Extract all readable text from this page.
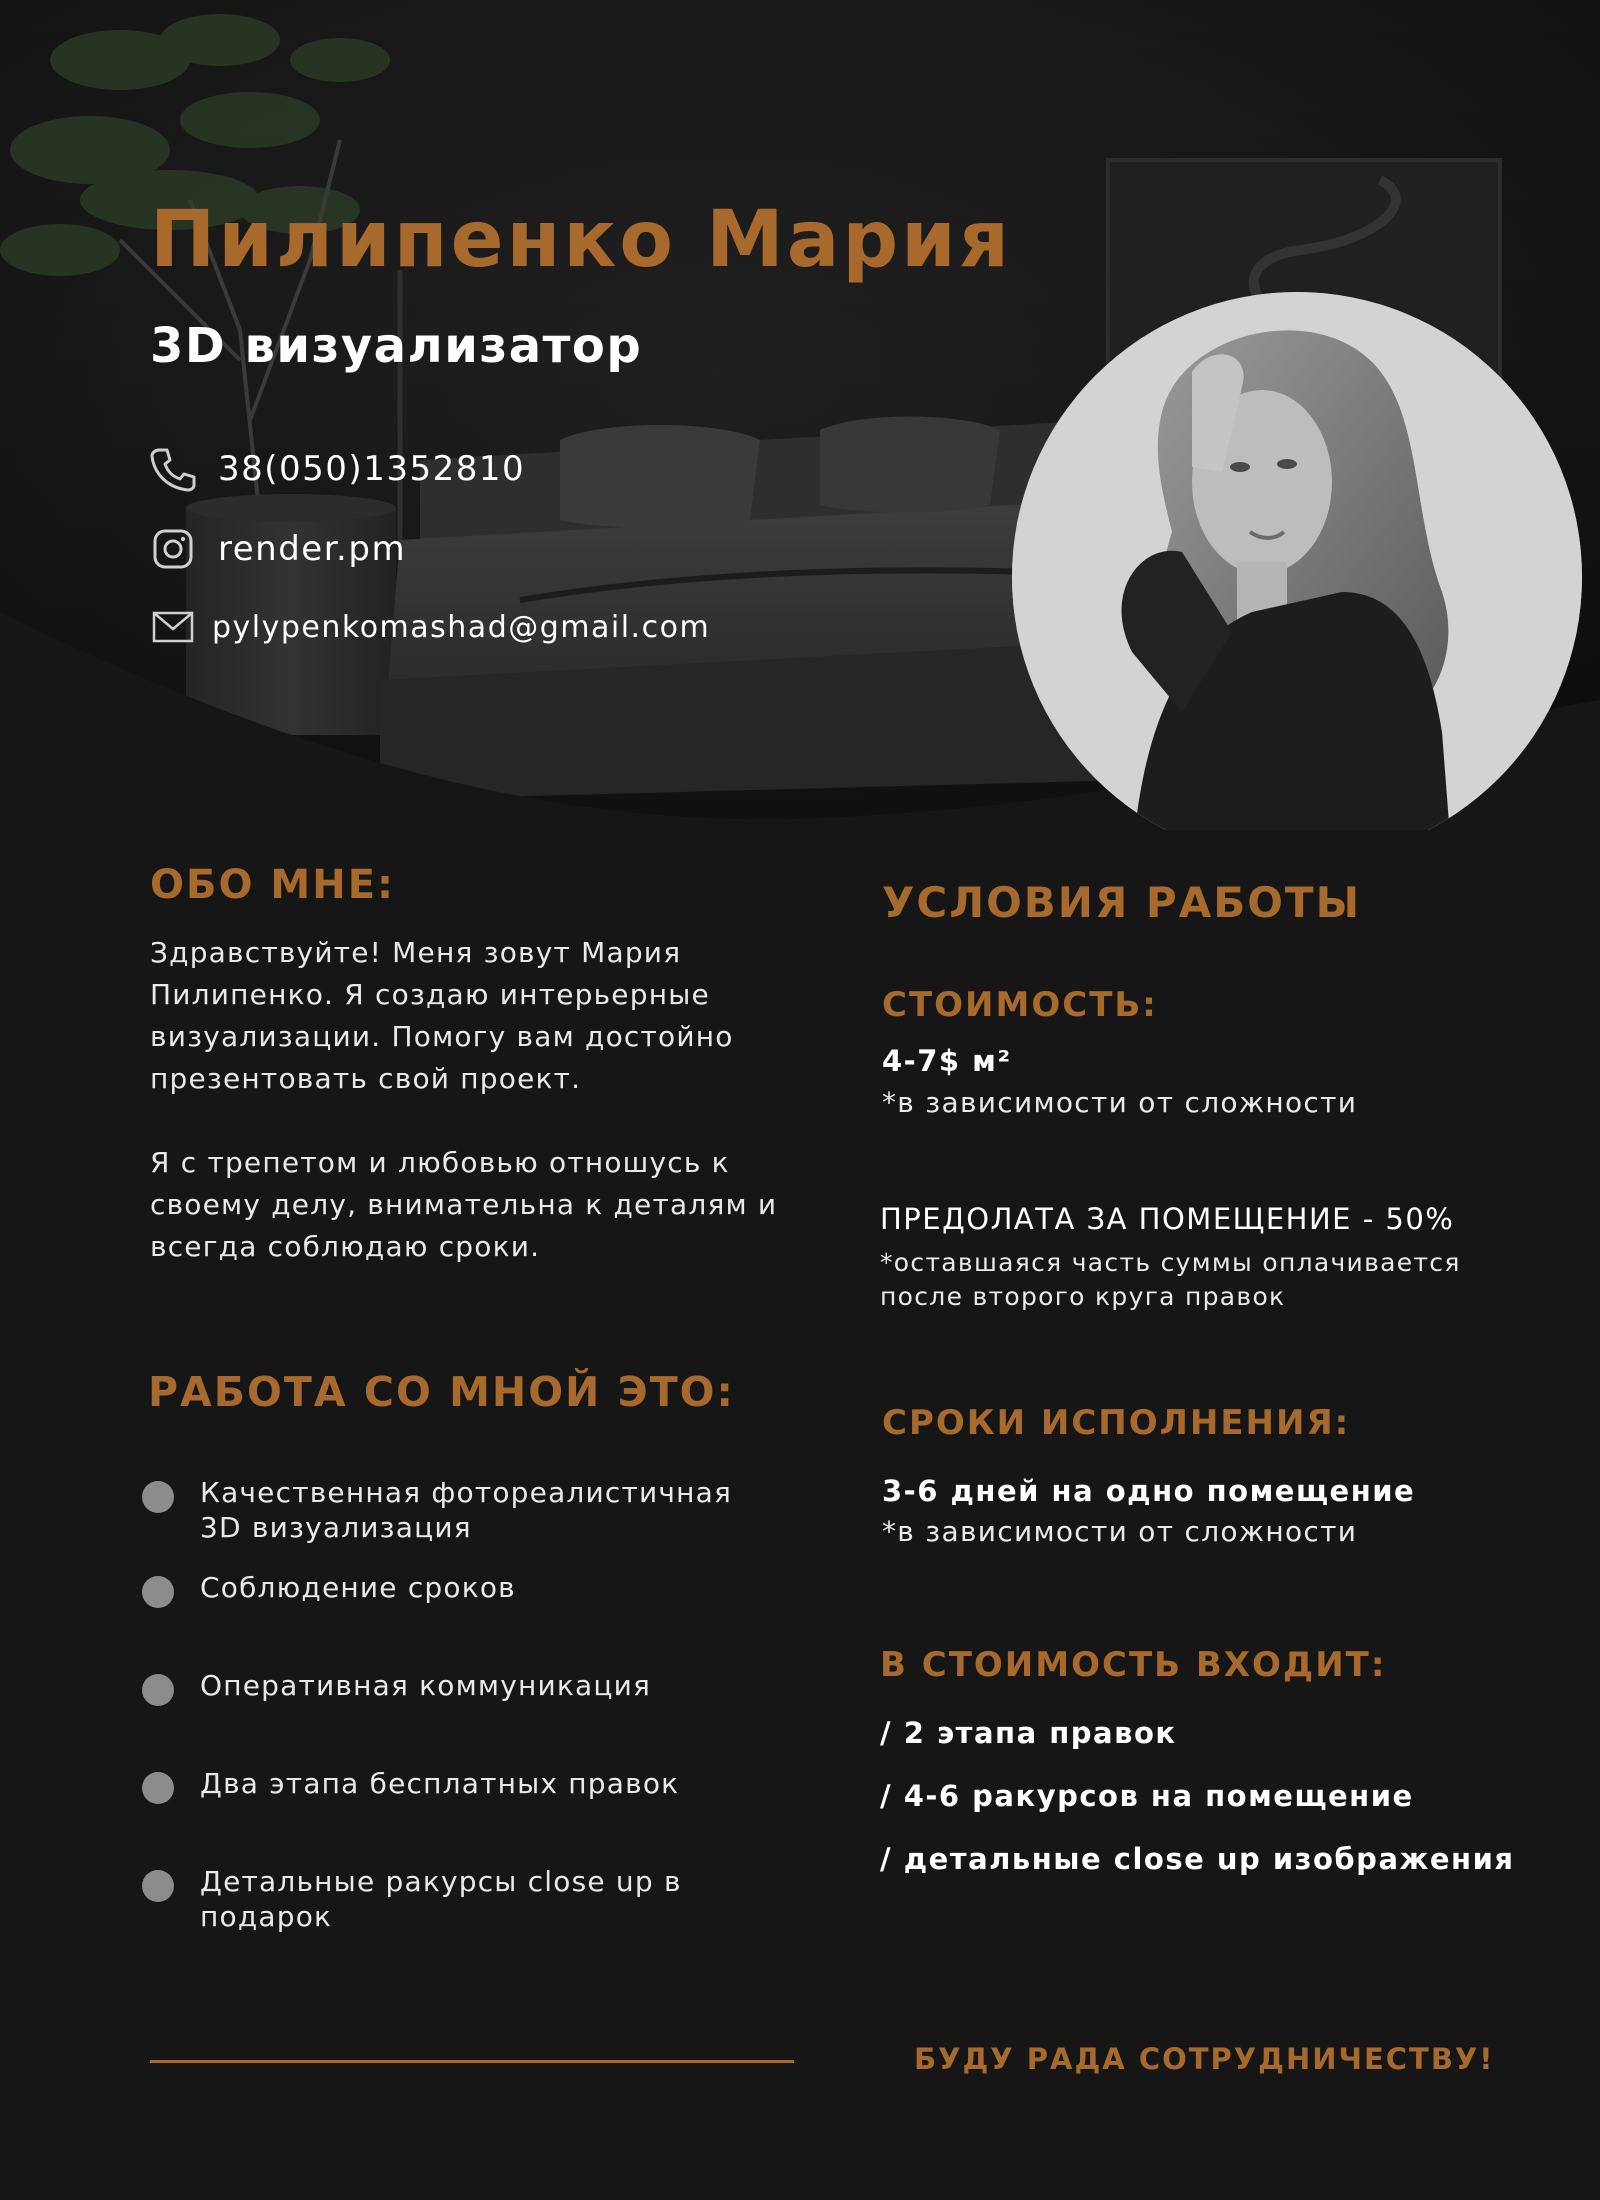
Пилипенко Мария
3D визуализатор
38(050)1352810
render.pm
pylypenkomashad@gmail.com
ОБО МНЕ:

Здравствуйте! Меня зовут Мария Пилипенко. Я создаю интерьерные визуализации. Помогу вам достойно презентовать свой проект.

Я с трепетом и любовью отношусь к своему делу, внимательна к деталям и всегда соблюдаю сроки.

РАБОТА СО МНОЙ ЭТО:
Качественная фотореалистичная 3D визуализация
Соблюдение сроков
Оперативная коммуникация
Два этапа бесплатных правок
Детальные ракурсы close up в подарок
УСЛОВИЯ РАБОТЫ
СТОИМОСТЬ:

4-7$ м²

*в зависимости от сложности

ПРЕДОЛАТА ЗА ПОМЕЩЕНИЕ - 50%

*оставшаяся часть суммы оплачивается после второго круга правок

СРОКИ ИСПОЛНЕНИЯ:

3-6 дней на одно помещение

*в зависимости от сложности

В СТОИМОСТЬ ВХОДИТ:
/ 2 этапа правок
/ 4-6 ракурсов на помещение
/ детальные close up изображения

БУДУ РАДА СОТРУДНИЧЕСТВУ!
